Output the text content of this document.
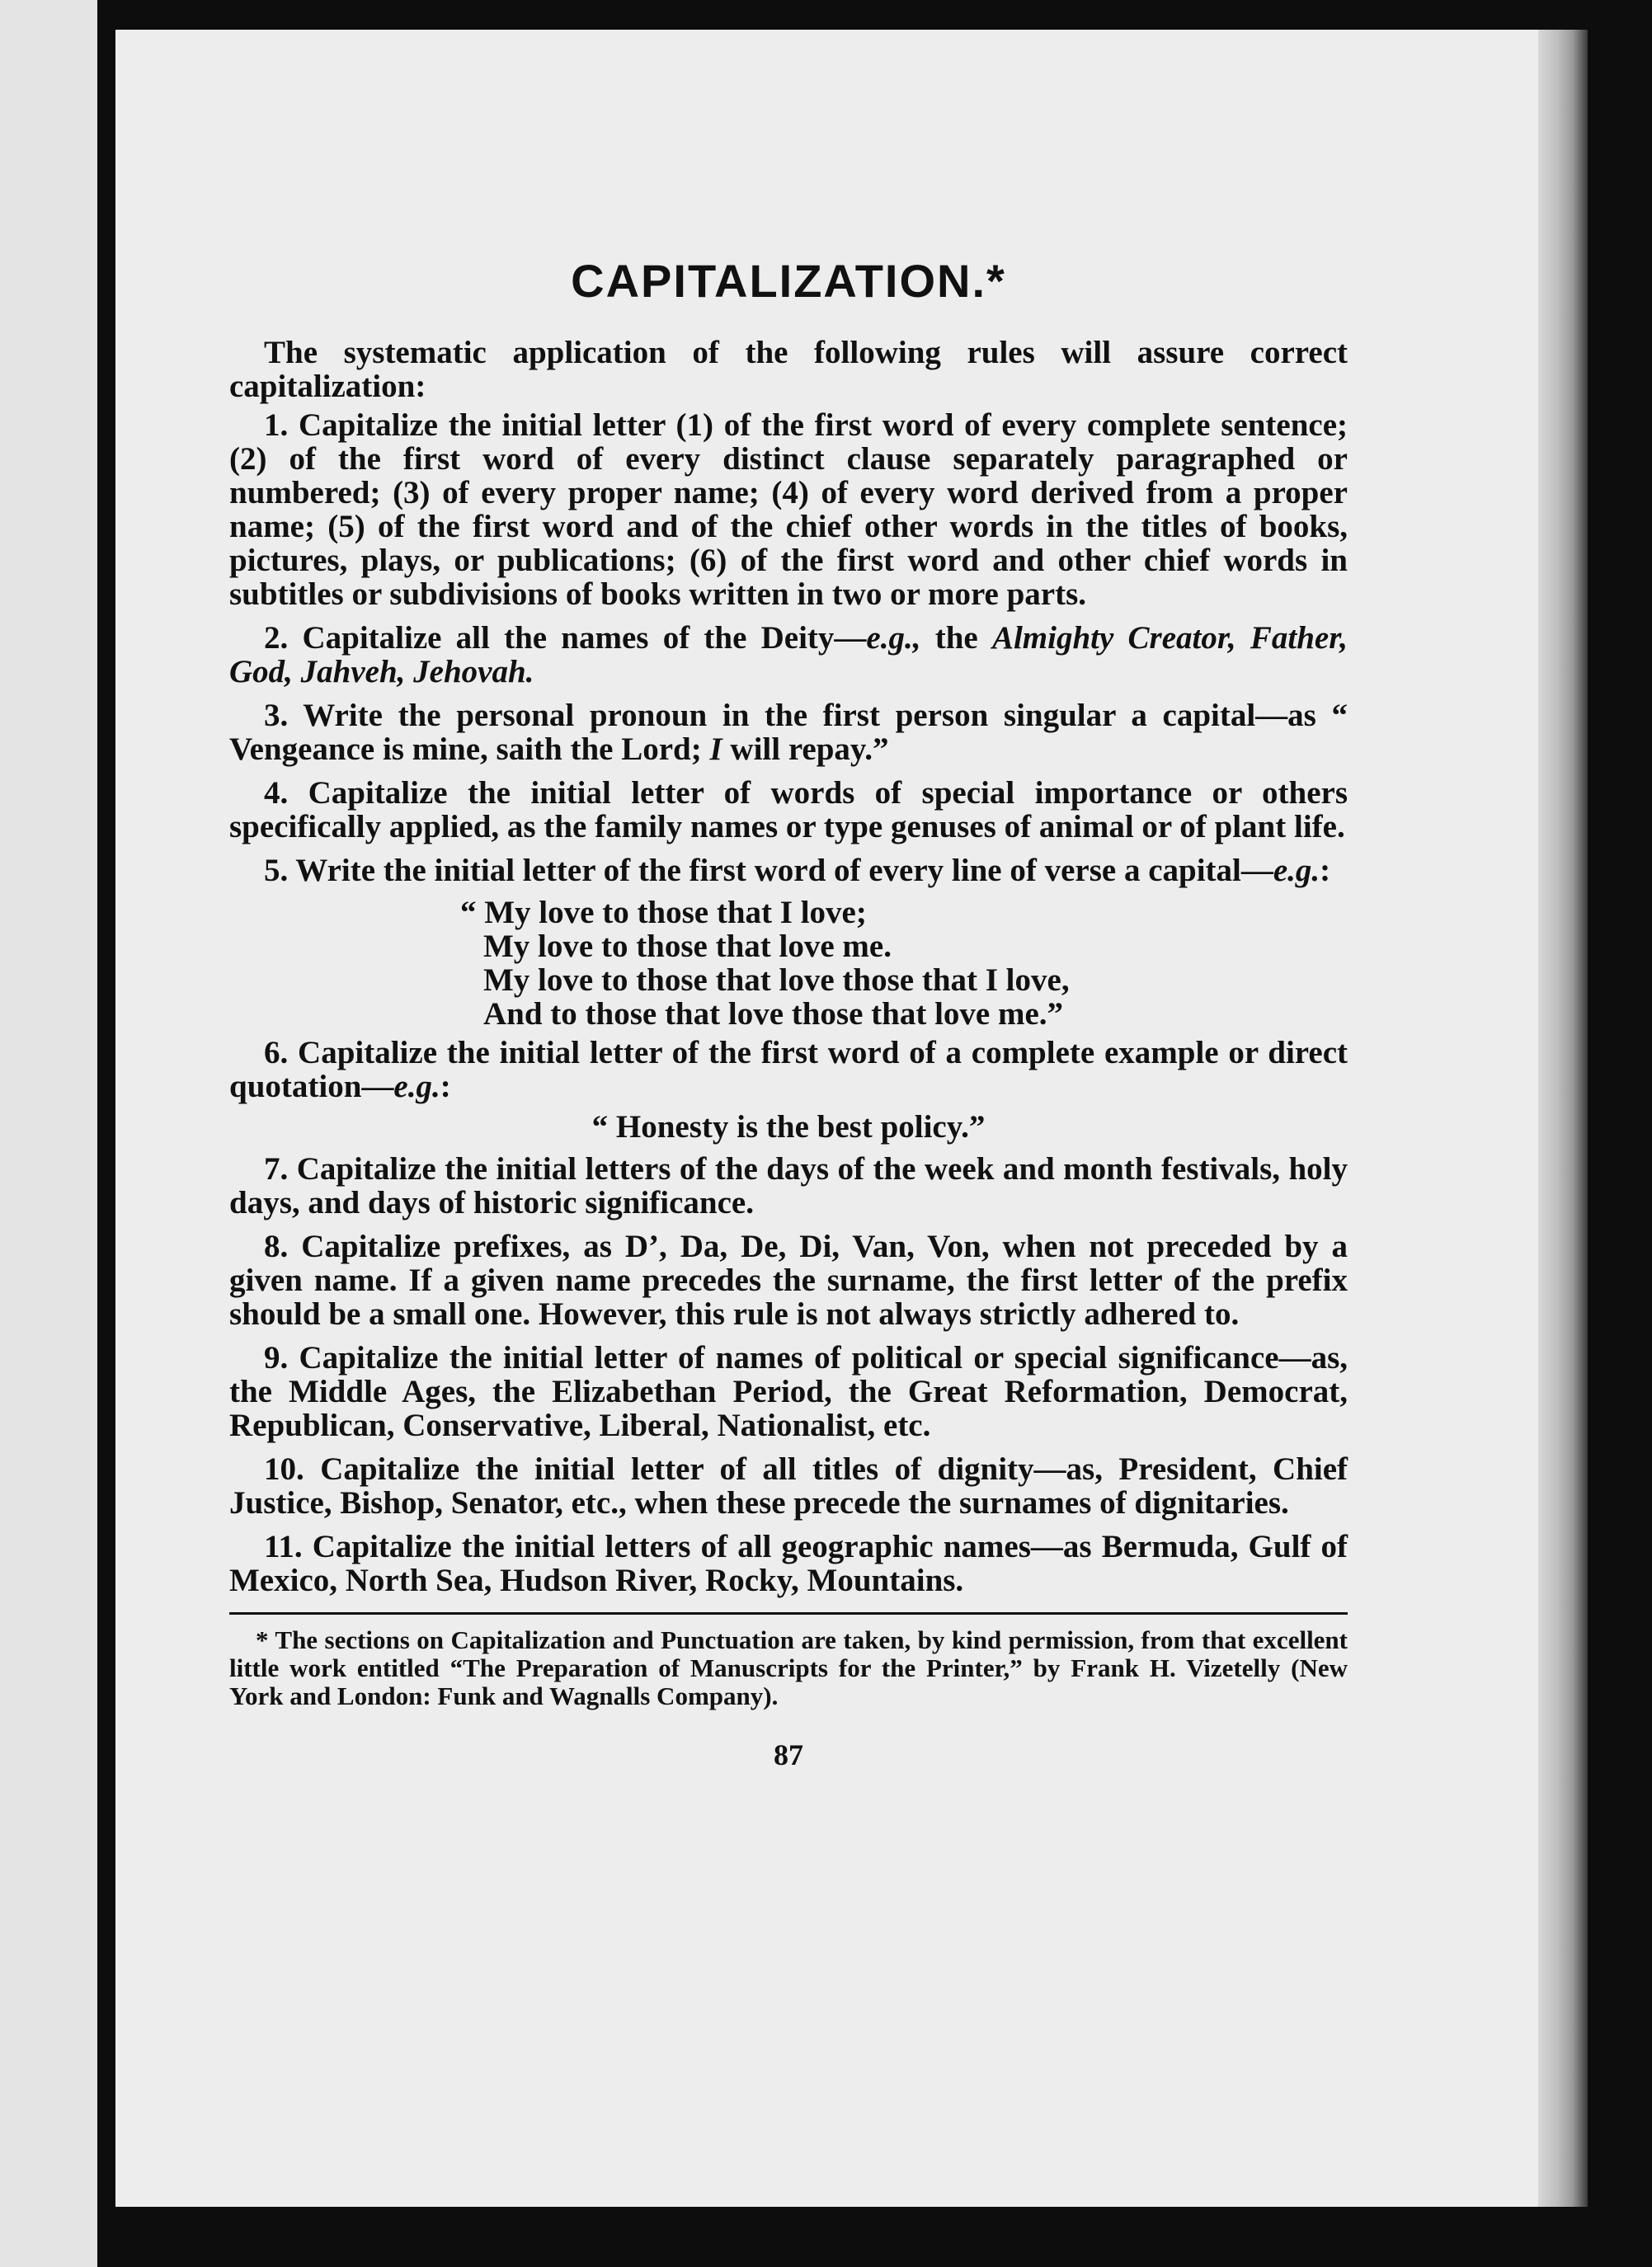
CAPITALIZATION.*

The systematic application of the following rules will assure correct capitalization:

1. Capitalize the initial letter (1) of the first word of every complete sentence; (2) of the first word of every distinct clause separately paragraphed or numbered; (3) of every proper name; (4) of every word derived from a proper name; (5) of the first word and of the chief other words in the titles of books, pictures, plays, or publications; (6) of the first word and other chief words in subtitles or subdivisions of books written in two or more parts.

2. Capitalize all the names of the Deity—e.g., the Almighty Creator, Father, God, Jahveh, Jehovah.

3. Write the personal pronoun in the first person singular a capital—as “ Vengeance is mine, saith the Lord; I will repay.”

4. Capitalize the initial letter of words of special importance or others specifically applied, as the family names or type genuses of animal or of plant life.

5. Write the initial letter of the first word of every line of verse a capital—e.g.:

“ My love to those that I love;
My love to those that love me.
My love to those that love those that I love,
And to those that love those that love me.”

6. Capitalize the initial letter of the first word of a complete example or direct quotation—e.g.:

“ Honesty is the best policy.”

7. Capitalize the initial letters of the days of the week and month festivals, holy days, and days of historic significance.

8. Capitalize prefixes, as D’, Da, De, Di, Van, Von, when not preceded by a given name. If a given name precedes the surname, the first letter of the prefix should be a small one. However, this rule is not always strictly adhered to.

9. Capitalize the initial letter of names of political or special significance—as, the Middle Ages, the Elizabethan Period, the Great Reformation, Democrat, Republican, Conservative, Liberal, Nationalist, etc.

10. Capitalize the initial letter of all titles of dignity—as, President, Chief Justice, Bishop, Senator, etc., when these precede the surnames of dignitaries.

11. Capitalize the initial letters of all geographic names—as Bermuda, Gulf of Mexico, North Sea, Hudson River, Rocky, Mountains.

* The sections on Capitalization and Punctuation are taken, by kind permission, from that excellent little work entitled “The Preparation of Manuscripts for the Printer,” by Frank H. Vizetelly (New York and London: Funk and Wagnalls Company).

87
